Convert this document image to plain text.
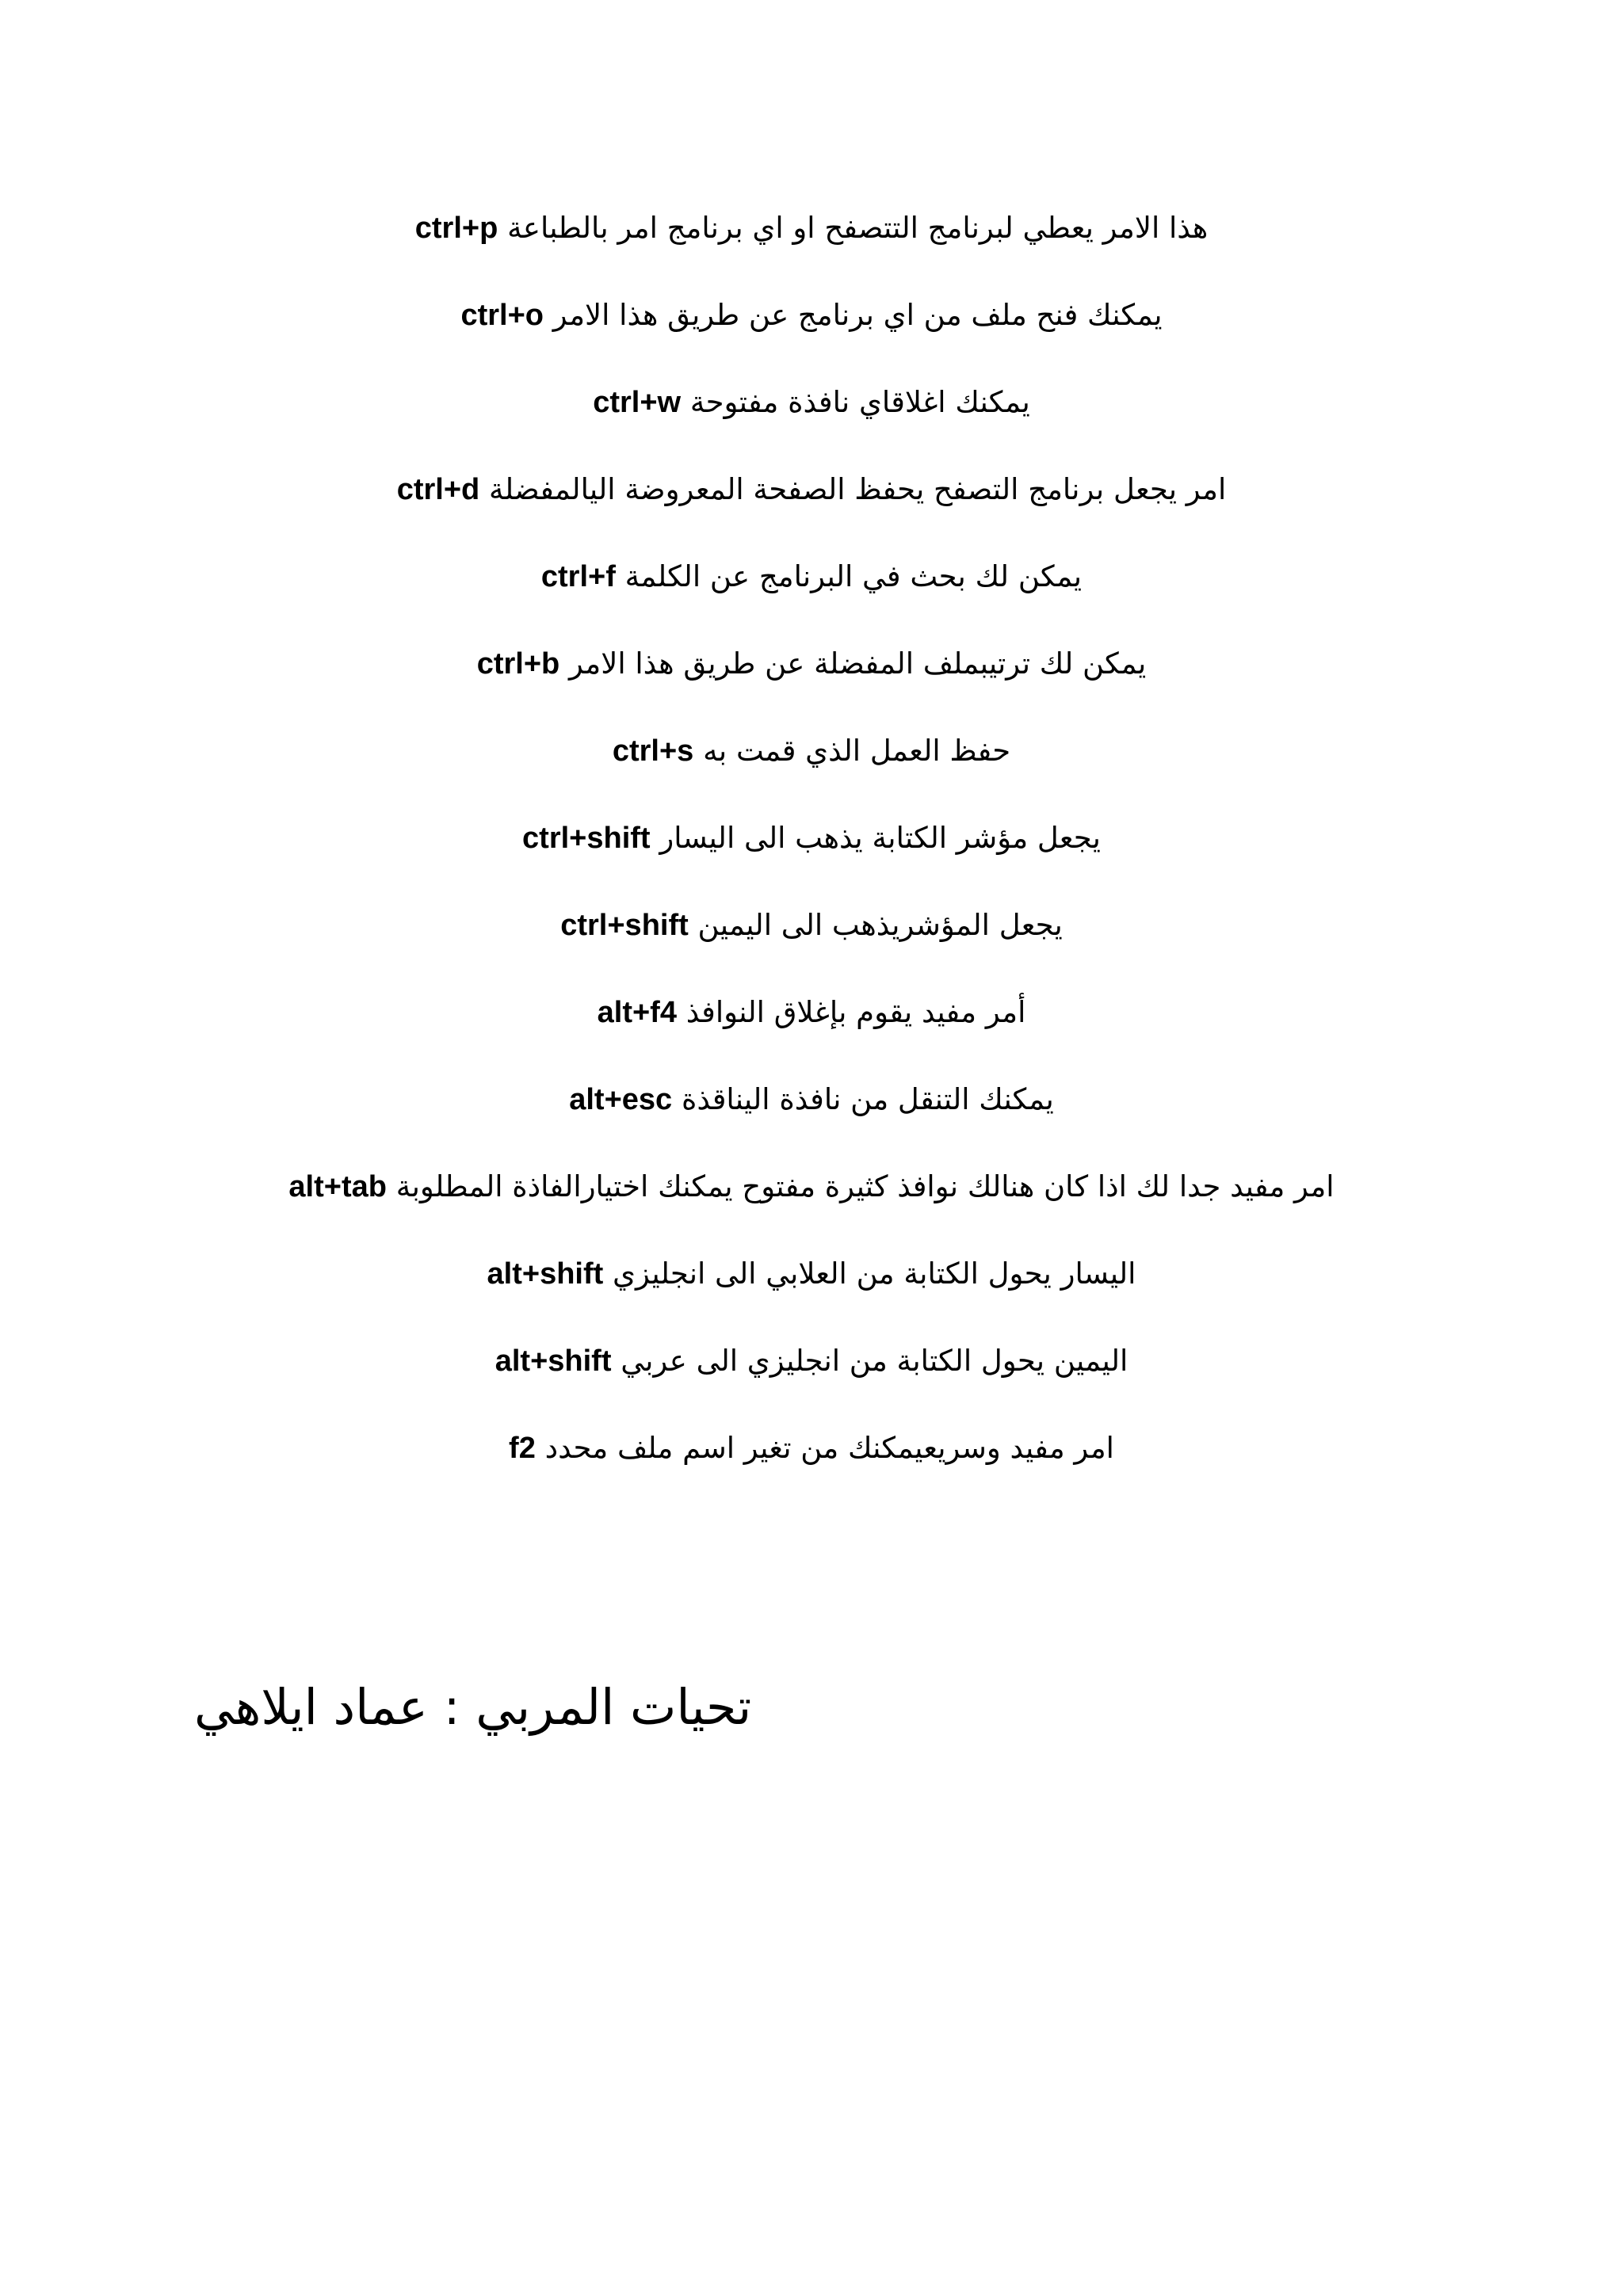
ctrl+p هذا الامر يعطي لبرنامج التتصفح او اي برنامج امر بالطباعة
ctrl+o يمكنك فنح ملف من اي برنامج عن طريق هذا الامر
ctrl+w يمكنك اغلاقاي نافذة مفتوحة
ctrl+d امر يجعل برنامج التصفح يحفظ الصفحة المعروضة اليالمفضلة
ctrl+f يمكن لك بحث في البرنامج عن الكلمة
ctrl+b يمكن لك ترتيبملف المفضلة عن طريق هذا الامر
ctrl+s حفظ العمل الذي قمت به
ctrl+shift يجعل مؤشر الكتابة يذهب الى اليسار
ctrl+shift يجعل المؤشريذهب الى اليمين
alt+f4 أمر مفيد يقوم بإغلاق النوافذ
alt+esc يمكنك التنقل من نافذة اليناقذة
alt+tab امر مفيد جدا لك اذا كان هنالك نوافذ كثيرة مفتوح يمكنك اختيارالفاذة المطلوبة
alt+shift اليسار يحول الكتابة من العلابي الى انجليزي
alt+shift اليمين يحول الكتابة من انجليزي الى عربي
f2 امر مفيد وسريعيمكنك من تغير اسم ملف محدد
تحيات المربي : عماد ايلاهي
